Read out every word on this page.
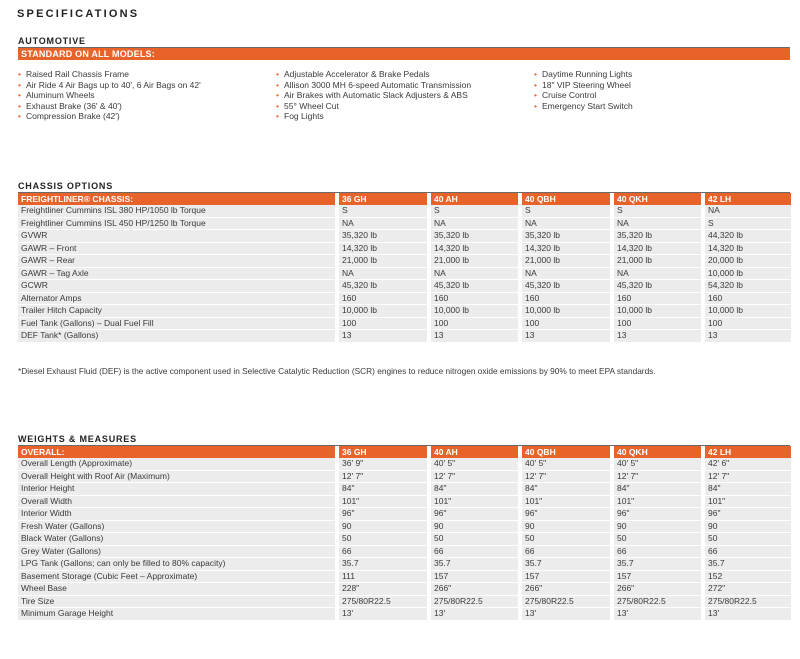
SPECIFICATIONS
AUTOMOTIVE
STANDARD ON ALL MODELS:
• Raised Rail Chassis Frame
• Air Ride 4 Air Bags up to 40', 6 Air Bags on 42'
• Aluminum Wheels
• Exhaust Brake (36' & 40')
• Compression Brake (42')
• Adjustable Accelerator & Brake Pedals
• Allison 3000 MH 6-speed Automatic Transmission
• Air Brakes with Automatic Slack Adjusters & ABS
• 55° Wheel Cut
• Fog Lights
• Daytime Running Lights
• 18" VIP Steering Wheel
• Cruise Control
• Emergency Start Switch
CHASSIS OPTIONS
FREIGHTLINER® CHASSIS:		36 GH		40 AH		40 QBH		40 QKH		42 LH
Freightliner Cummins ISL 380 HP/1050 lb Torque		S		S		S		S		NA
Freightliner Cummins ISL 450 HP/1250 lb Torque		NA		NA		NA		NA		S
GVWR		35,320 lb		35,320 lb		35,320 lb		35,320 lb		44,320 lb
GAWR – Front		14,320 lb		14,320 lb		14,320 lb		14,320 lb		14,320 lb
GAWR – Rear		21,000 lb		21,000 lb		21,000 lb		21,000 lb		20,000 lb
GAWR – Tag Axle		NA		NA		NA		NA		10,000 lb
GCWR		45,320 lb		45,320 lb		45,320 lb		45,320 lb		54,320 lb
Alternator Amps		160		160		160		160		160
Trailer Hitch Capacity		10,000 lb		10,000 lb		10,000 lb		10,000 lb		10,000 lb
Fuel Tank (Gallons) – Dual Fuel Fill		100		100		100		100		100
DEF Tank* (Gallons)		13		13		13		13		13
*Diesel Exhaust Fluid (DEF) is the active component used in Selective Catalytic Reduction (SCR) engines to reduce nitrogen oxide emissions by 90% to meet EPA standards.
WEIGHTS & MEASURES
OVERALL:		36 GH		40 AH		40 QBH		40 QKH		42 LH
Overall Length (Approximate)		36' 9"		40' 5"		40' 5"		40' 5"		42' 6"
Overall Height with Roof Air (Maximum)		12' 7"		12' 7"		12' 7"		12' 7"		12' 7"
Interior Height		84"		84"		84"		84"		84"
Overall Width		101"		101"		101"		101"		101"
Interior Width		96"		96"		96"		96"		96"
Fresh Water (Gallons)		90		90		90		90		90
Black Water (Gallons)		50		50		50		50		50
Grey Water (Gallons)		66		66		66		66		66
LPG Tank (Gallons; can only be filled to 80% capacity)		35.7		35.7		35.7		35.7		35.7
Basement Storage (Cubic Feet – Approximate)		111		157		157		157		152
Wheel Base		228"		266"		266"		266"		272"
Tire Size		275/80R22.5		275/80R22.5		275/80R22.5		275/80R22.5		275/80R22.5
Minimum Garage Height		13'		13'		13'		13'		13'
